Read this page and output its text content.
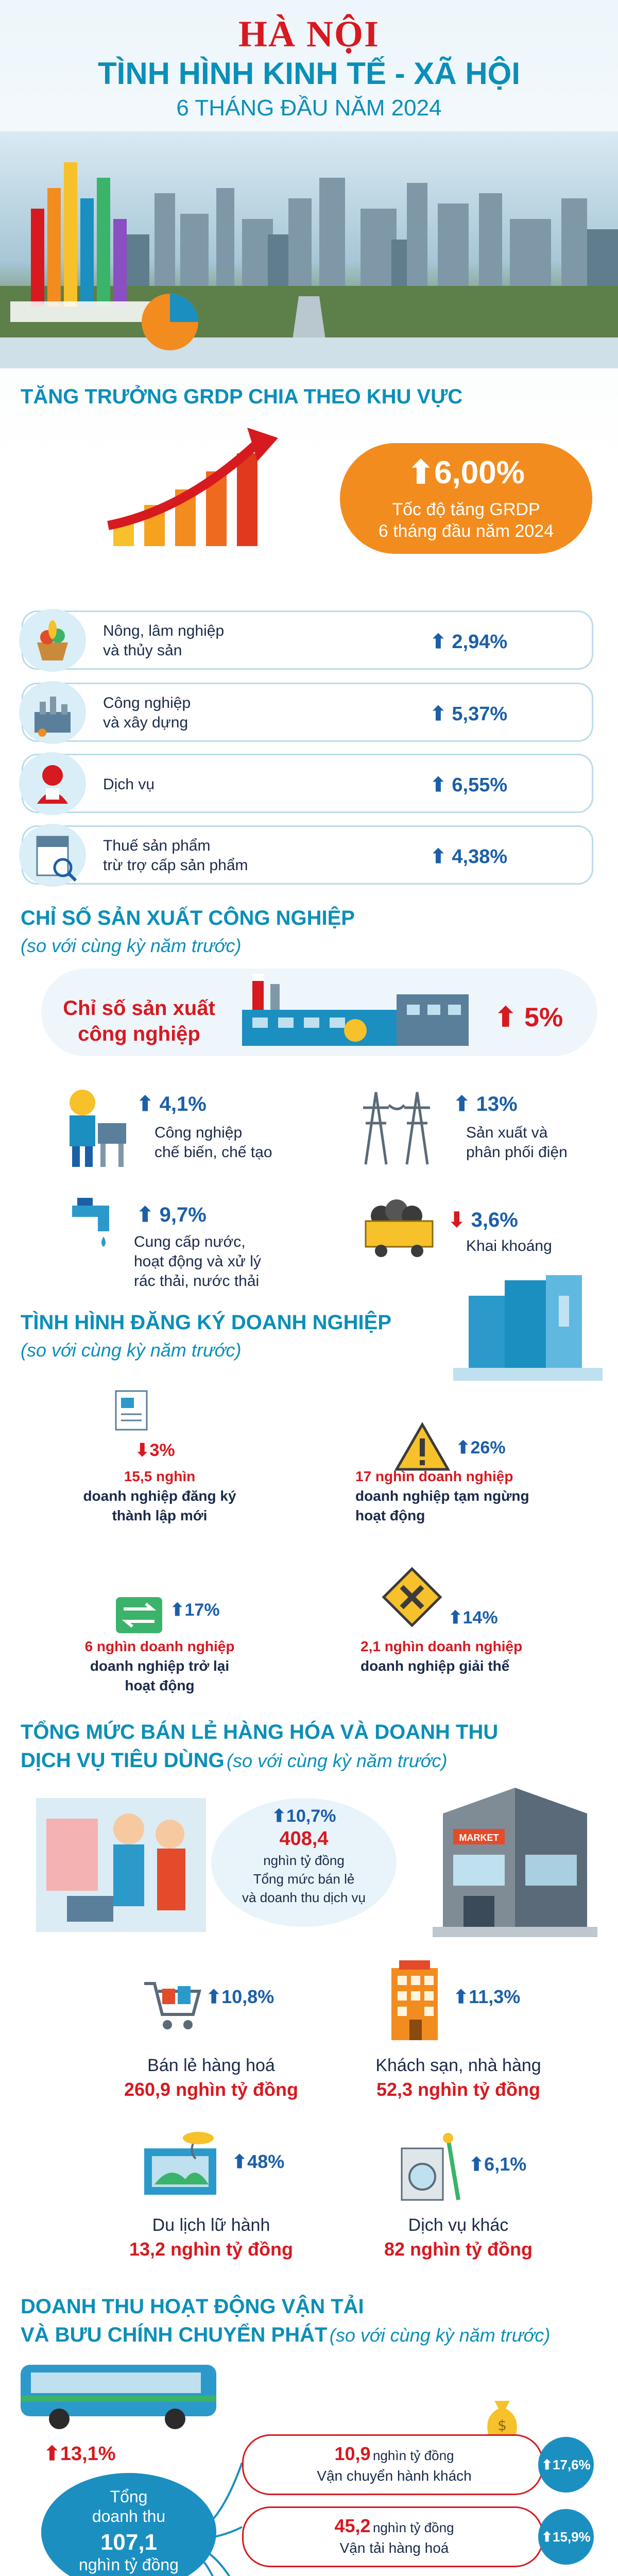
HÀ NỘI
TÌNH HÌNH KINH TẾ - XÃ HỘI
6 THÁNG ĐẦU NĂM 2024
TĂNG TRƯỞNG GRDP CHIA THEO KHU VỰC
⬆6,00%
Tốc độ tăng GRDP
6 tháng đầu năm 2024
Nông, lâm nghiệp
và thủy sản	⬆ 2,94%
Công nghiệp
và xây dựng	⬆ 5,37%
Dịch vụ	⬆ 6,55%
Thuế sản phẩm
trừ trợ cấp sản phẩm	⬆ 4,38%
CHỈ SỐ SẢN XUẤT CÔNG NGHIỆP
(so với cùng kỳ năm trước)
Chỉ số sản xuất
công nghiệp
⬆ 5%
⬆ 4,1%
Công nghiệp
chế biến, chế tạo
⬆ 13%
Sản xuất và
phân phối điện
⬆ 9,7%
Cung cấp nước,
hoạt động và xử lý
rác thải, nước thải
⬇ 3,6%
Khai khoáng
TÌNH HÌNH ĐĂNG KÝ DOANH NGHIỆP
(so với cùng kỳ năm trước)
⬇3%
15,5 nghìn
doanh nghiệp đăng ký
thành lập mới
⬆26%
17 nghìn doanh nghiệp
doanh nghiệp tạm ngừng
hoạt động
⬆17%
6 nghìn doanh nghiệp
doanh nghiệp trở lại
hoạt động
⬆14%
2,1 nghìn doanh nghiệp
doanh nghiệp giải thể
TỔNG MỨC BÁN LẺ HÀNG HÓA VÀ DOANH THU
DỊCH VỤ TIÊU DÙNG (so với cùng kỳ năm trước)
⬆10,7%
408,4
nghìn tỷ đồng
Tổng mức bán lẻ
và doanh thu dịch vụ
MARKET
⬆10,8%
Bán lẻ hàng hoá
260,9 nghìn tỷ đồng
⬆11,3%
Khách sạn, nhà hàng
52,3 nghìn tỷ đồng
⬆48%
Du lịch lữ hành
13,2 nghìn tỷ đồng
⬆6,1%
Dịch vụ khác
82 nghìn tỷ đồng
DOANH THU HOẠT ĐỘNG VẬN TẢI
VÀ BƯU CHÍNH CHUYỂN PHÁT (so với cùng kỳ năm trước)
⬆13,1%
Tổng
doanh thu
107,1
nghìn tỷ đồng
$
10,9 nghìn tỷ đồng
Vận chuyển hành khách
⬆ 17,6%
45,2 nghìn tỷ đồng
Vận tải hàng hoá
⬆ 15,9%
